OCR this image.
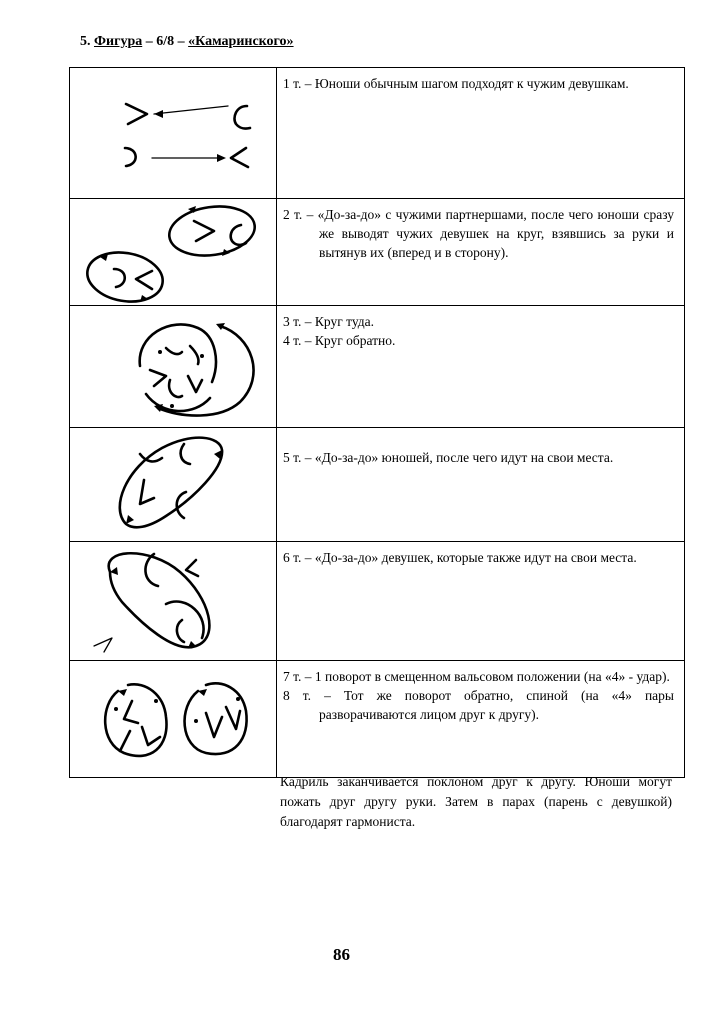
5. Фигура – 6/8 – «Камаринского»

1 т. – Юноши обычным шагом подходят к чужим девушкам.

2 т. – «До-за-до» с чужими партнершами, после чего юноши сразу же выводят чужих девушек на круг, взявшись за руки и вытянув их (вперед и в сторону).

3 т. – Круг туда.

4 т. – Круг обратно.

5 т. – «До-за-до» юношей, после чего идут на свои места.

6 т. – «До-за-до» девушек, которые также идут на свои места.

7 т. – 1 поворот в смещенном вальсовом положении (на «4» - удар).

8 т. – Тот же поворот обратно, спиной (на «4» пары разворачиваются лицом друг к другу).

Кадриль заканчивается поклоном друг к другу. Юноши могут пожать друг другу руки. Затем в парах (парень с девушкой) благодарят гармониста.
86
